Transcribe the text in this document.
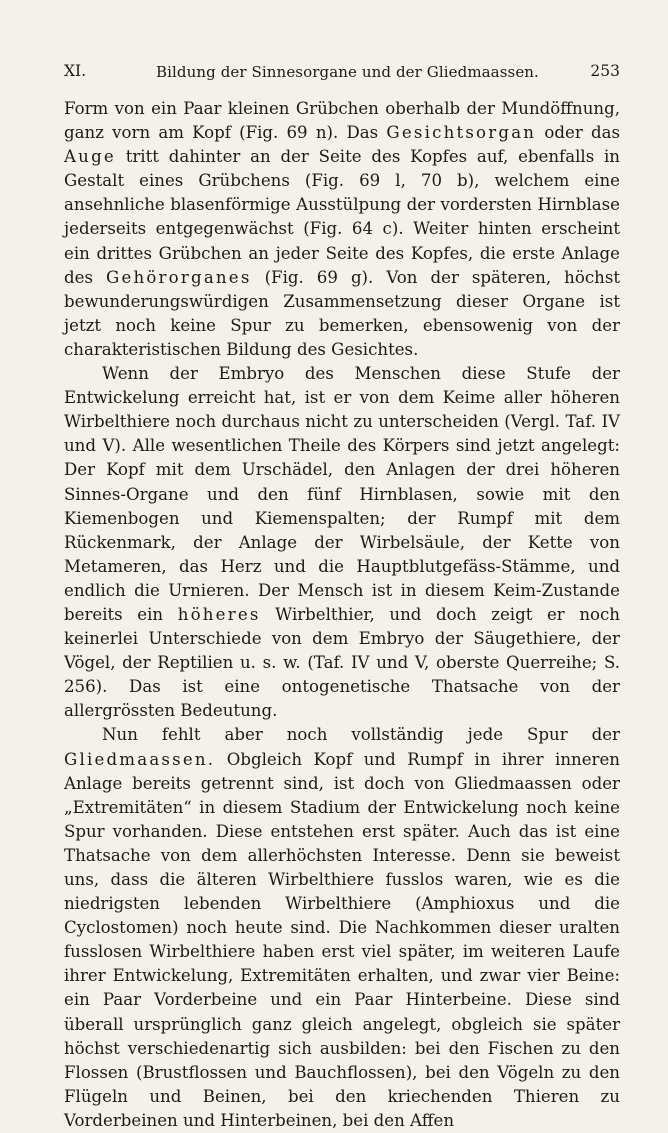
XI.	Bildung der Sinnesorgane und der Gliedmaassen.	253

Form von ein Paar kleinen Grübchen oberhalb der Mundöffnung, ganz vorn am Kopf (Fig. 69 n). Das Gesichtsorgan oder das Auge tritt dahinter an der Seite des Kopfes auf, ebenfalls in Gestalt eines Grübchens (Fig. 69 l, 70 b), welchem eine ansehnliche blasenförmige Ausstülpung der vordersten Hirnblase jederseits entgegenwächst (Fig. 64 c). Weiter hinten erscheint ein drittes Grübchen an jeder Seite des Kopfes, die erste Anlage des Gehörorganes (Fig. 69 g). Von der späteren, höchst bewunderungswürdigen Zusammensetzung dieser Organe ist jetzt noch keine Spur zu bemerken, ebensowenig von der charakteristischen Bildung des Gesichtes.

Wenn der Embryo des Menschen diese Stufe der Entwickelung erreicht hat, ist er von dem Keime aller höheren Wirbelthiere noch durchaus nicht zu unterscheiden (Vergl. Taf. IV und V). Alle wesentlichen Theile des Körpers sind jetzt angelegt: Der Kopf mit dem Urschädel, den Anlagen der drei höheren Sinnes-Organe und den fünf Hirnblasen, sowie mit den Kiemenbogen und Kiemenspalten; der Rumpf mit dem Rückenmark, der Anlage der Wirbelsäule, der Kette von Metameren, das Herz und die Hauptblutgefäss-Stämme, und endlich die Urnieren. Der Mensch ist in diesem Keim-Zustande bereits ein höheres Wirbelthier, und doch zeigt er noch keinerlei Unterschiede von dem Embryo der Säugethiere, der Vögel, der Reptilien u. s. w. (Taf. IV und V, oberste Querreihe; S. 256). Das ist eine ontogenetische Thatsache von der allergrössten Bedeutung.

Nun fehlt aber noch vollständig jede Spur der Gliedmaassen. Obgleich Kopf und Rumpf in ihrer inneren Anlage bereits getrennt sind, ist doch von Gliedmaassen oder „Extremitäten“ in diesem Stadium der Entwickelung noch keine Spur vorhanden. Diese entstehen erst später. Auch das ist eine Thatsache von dem allerhöchsten Interesse. Denn sie beweist uns, dass die älteren Wirbelthiere fusslos waren, wie es die niedrigsten lebenden Wirbelthiere (Amphioxus und die Cyclostomen) noch heute sind. Die Nachkommen dieser uralten fusslosen Wirbelthiere haben erst viel später, im weiteren Laufe ihrer Entwickelung, Extremitäten erhalten, und zwar vier Beine: ein Paar Vorderbeine und ein Paar Hinterbeine. Diese sind überall ursprünglich ganz gleich angelegt, obgleich sie später höchst verschiedenartig sich ausbilden: bei den Fischen zu den Flossen (Brustflossen und Bauchflossen), bei den Vögeln zu den Flügeln und Beinen, bei den kriechenden Thieren zu Vorderbeinen und Hinterbeinen, bei den Affen
